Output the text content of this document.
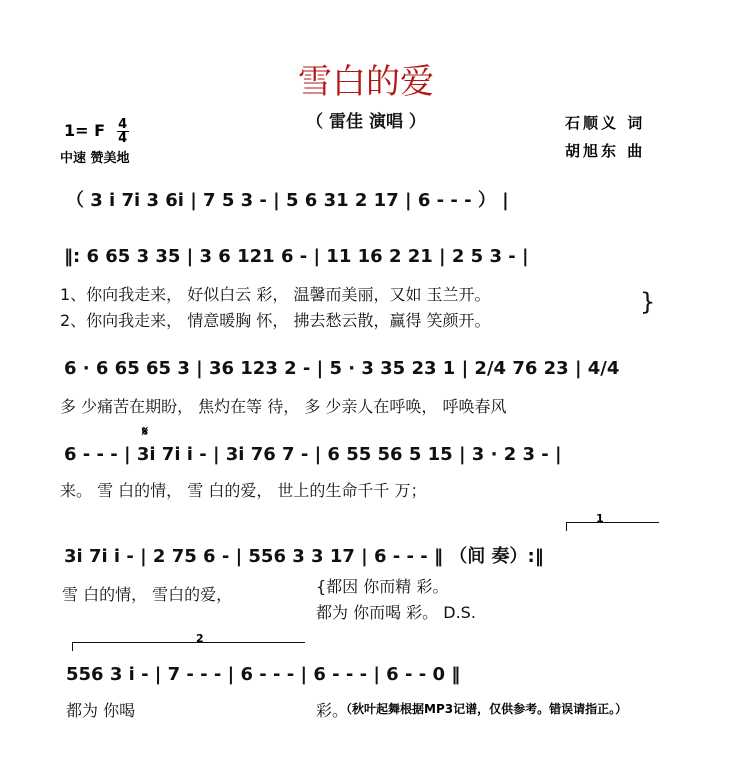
雪白的爱
（ 雷佳 演唱 ）
1= F $\frac{4}{4}$
中速 赞美地
石顺义 词
胡旭东 曲
（ 3 i 7i 3 6i | 7 5 3 - | 5 6 31 2 17 | 6 - - - ） |
‖: 6 65 3 35 | 3 6 121 6 - | 11 16 2 21 | 2 5 3 - |
1、你向我走来， 好似白云 彩， 温馨而美丽，又如 玉兰开。
2、你向我走来， 情意暖胸 怀， 拂去愁云散，赢得 笑颜开。
}
6 · 6 65 65 3 | 36 123 2 - | 5 · 3 35 23 1 | 2/4 76 23 | 4/4
多 少痛苦在期盼， 焦灼在等 待， 多 少亲人在呼唤， 呼唤春风
𝄋
6 - - - | 3i 7i i - | 3i 76 7 - | 6 55 56 5 15 | 3 · 2 3 - |
来。 雪 白的情， 雪 白的爱， 世上的生命千千 万；
1
3i 7i i - | 2 75 6 - | 556 3 3 17 | 6 - - - ‖ （间 奏）:‖
雪 白的情， 雪白的爱，	{都因 你而精 彩。
都为 你而喝 彩。 D.S.
2
556 3 i - | 7 - - - | 6 - - - | 6 - - - | 6 - - 0 ‖
都为 你喝	彩。
（秋叶起舞根据MP3记谱，仅供参考。错误请指正。）
